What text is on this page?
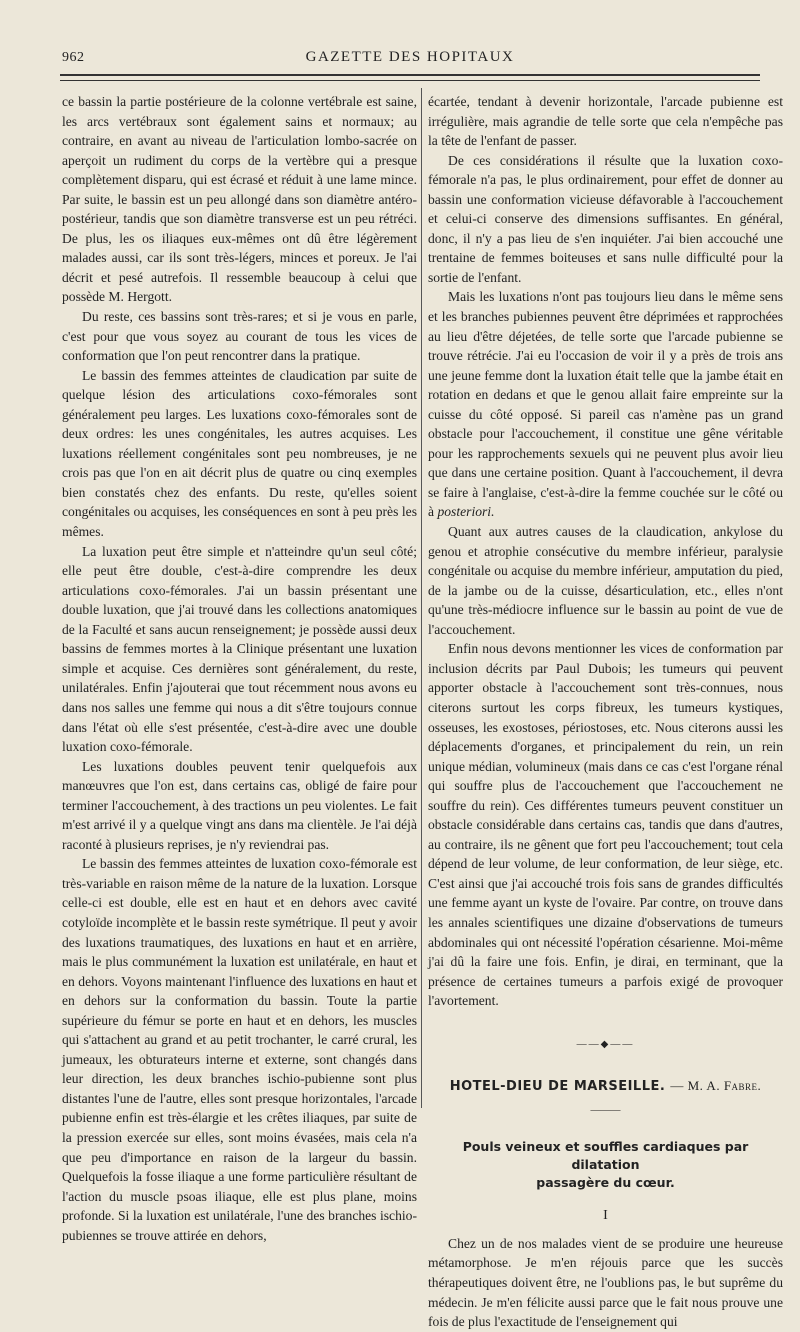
962	GAZETTE DES HOPITAUX

ce bassin la partie postérieure de la colonne vertébrale est saine, les arcs vertébraux sont également sains et normaux; au contraire, en avant au niveau de l'articulation lombo-sacrée on aperçoit un rudiment du corps de la vertèbre qui a presque complètement disparu, qui est écrasé et réduit à une lame mince. Par suite, le bassin est un peu allongé dans son diamètre antéro-postérieur, tandis que son diamètre transverse est un peu rétréci. De plus, les os iliaques eux-mêmes ont dû être légèrement malades aussi, car ils sont très-légers, minces et poreux. Je l'ai décrit et pesé autrefois. Il ressemble beaucoup à celui que possède M. Hergott.

Du reste, ces bassins sont très-rares; et si je vous en parle, c'est pour que vous soyez au courant de tous les vices de conformation que l'on peut rencontrer dans la pratique.

Le bassin des femmes atteintes de claudication par suite de quelque lésion des articulations coxo-fémorales sont généralement peu larges. Les luxations coxo-fémorales sont de deux ordres: les unes congénitales, les autres acquises. Les luxations réellement congénitales sont peu nombreuses, je ne crois pas que l'on en ait décrit plus de quatre ou cinq exemples bien constatés chez des enfants. Du reste, qu'elles soient congénitales ou acquises, les conséquences en sont à peu près les mêmes.

La luxation peut être simple et n'atteindre qu'un seul côté; elle peut être double, c'est-à-dire comprendre les deux articulations coxo-fémorales. J'ai un bassin présentant une double luxation, que j'ai trouvé dans les collections anatomiques de la Faculté et sans aucun renseignement; je possède aussi deux bassins de femmes mortes à la Clinique présentant une luxation simple et acquise. Ces dernières sont généralement, du reste, unilatérales. Enfin j'ajouterai que tout récemment nous avons eu dans nos salles une femme qui nous a dit s'être toujours connue dans l'état où elle s'est présentée, c'est-à-dire avec une double luxation coxo-fémorale.

Les luxations doubles peuvent tenir quelquefois aux manœuvres que l'on est, dans certains cas, obligé de faire pour terminer l'accouchement, à des tractions un peu violentes. Le fait m'est arrivé il y a quelque vingt ans dans ma clientèle. Je l'ai déjà raconté à plusieurs reprises, je n'y reviendrai pas.

Le bassin des femmes atteintes de luxation coxo-fémorale est très-variable en raison même de la nature de la luxation. Lorsque celle-ci est double, elle est en haut et en dehors avec cavité cotyloïde incomplète et le bassin reste symétrique. Il peut y avoir des luxations traumatiques, des luxations en haut et en arrière, mais le plus communément la luxation est unilatérale, en haut et en dehors. Voyons maintenant l'influence des luxations en haut et en dehors sur la conformation du bassin. Toute la partie supérieure du fémur se porte en haut et en dehors, les muscles qui s'attachent au grand et au petit trochanter, le carré crural, les jumeaux, les obturateurs interne et externe, sont changés dans leur direction, les deux branches ischio-pubienne sont plus distantes l'une de l'autre, elles sont presque horizontales, l'arcade pubienne enfin est très-élargie et les crêtes iliaques, par suite de la pression exercée sur elles, sont moins évasées, mais cela n'a que peu d'importance en raison de la largeur du bassin. Quelquefois la fosse iliaque a une forme particulière résultant de l'action du muscle psoas iliaque, elle est plus plane, moins profonde. Si la luxation est unilatérale, l'une des branches ischio-pubiennes se trouve attirée en dehors,

écartée, tendant à devenir horizontale, l'arcade pubienne est irrégulière, mais agrandie de telle sorte que cela n'empêche pas la tête de l'enfant de passer.

De ces considérations il résulte que la luxation coxo-fémorale n'a pas, le plus ordinairement, pour effet de donner au bassin une conformation vicieuse défavorable à l'accouchement et celui-ci conserve des dimensions suffisantes. En général, donc, il n'y a pas lieu de s'en inquiéter. J'ai bien accouché une trentaine de femmes boiteuses et sans nulle difficulté pour la sortie de l'enfant.

Mais les luxations n'ont pas toujours lieu dans le même sens et les branches pubiennes peuvent être déprimées et rapprochées au lieu d'être déjetées, de telle sorte que l'arcade pubienne se trouve rétrécie. J'ai eu l'occasion de voir il y a près de trois ans une jeune femme dont la luxation était telle que la jambe était en rotation en dedans et que le genou allait faire empreinte sur la cuisse du côté opposé. Si pareil cas n'amène pas un grand obstacle pour l'accouchement, il constitue une gêne véritable pour les rapprochements sexuels qui ne peuvent plus avoir lieu que dans une certaine position. Quant à l'accouchement, il devra se faire à l'anglaise, c'est-à-dire la femme couchée sur le côté ou à posteriori.

Quant aux autres causes de la claudication, ankylose du genou et atrophie consécutive du membre inférieur, paralysie congénitale ou acquise du membre inférieur, amputation du pied, de la jambe ou de la cuisse, désarticulation, etc., elles n'ont qu'une très-médiocre influence sur le bassin au point de vue de l'accouchement.

Enfin nous devons mentionner les vices de conformation par inclusion décrits par Paul Dubois; les tumeurs qui peuvent apporter obstacle à l'accouchement sont très-connues, nous citerons surtout les corps fibreux, les tumeurs kystiques, osseuses, les exostoses, périostoses, etc. Nous citerons aussi les déplacements d'organes, et principalement du rein, un rein unique médian, volumineux (mais dans ce cas c'est l'organe rénal qui souffre plus de l'accouchement que l'accouchement ne souffre du rein). Ces différentes tumeurs peuvent constituer un obstacle considérable dans certains cas, tandis que dans d'autres, au contraire, ils ne gênent que fort peu l'accouchement; tout cela dépend de leur volume, de leur conformation, de leur siège, etc. C'est ainsi que j'ai accouché trois fois sans de grandes difficultés une femme ayant un kyste de l'ovaire. Par contre, on trouve dans les annales scientifiques une dizaine d'observations de tumeurs abdominales qui ont nécessité l'opération césarienne. Moi-même j'ai dû la faire une fois. Enfin, je dirai, en terminant, que la présence de certaines tumeurs a parfois exigé de provoquer l'avortement.

——◆——
HOTEL-DIEU DE MARSEILLE. — M. A. Fabre.
———
Pouls veineux et souffles cardiaques par dilatation
passagère du cœur.
I

Chez un de nos malades vient de se produire une heureuse métamorphose. Je m'en réjouis parce que les succès thérapeutiques doivent être, ne l'oublions pas, le but suprême du médecin. Je m'en félicite aussi parce que le fait nous prouve une fois de plus l'exactitude de l'enseignement qui
